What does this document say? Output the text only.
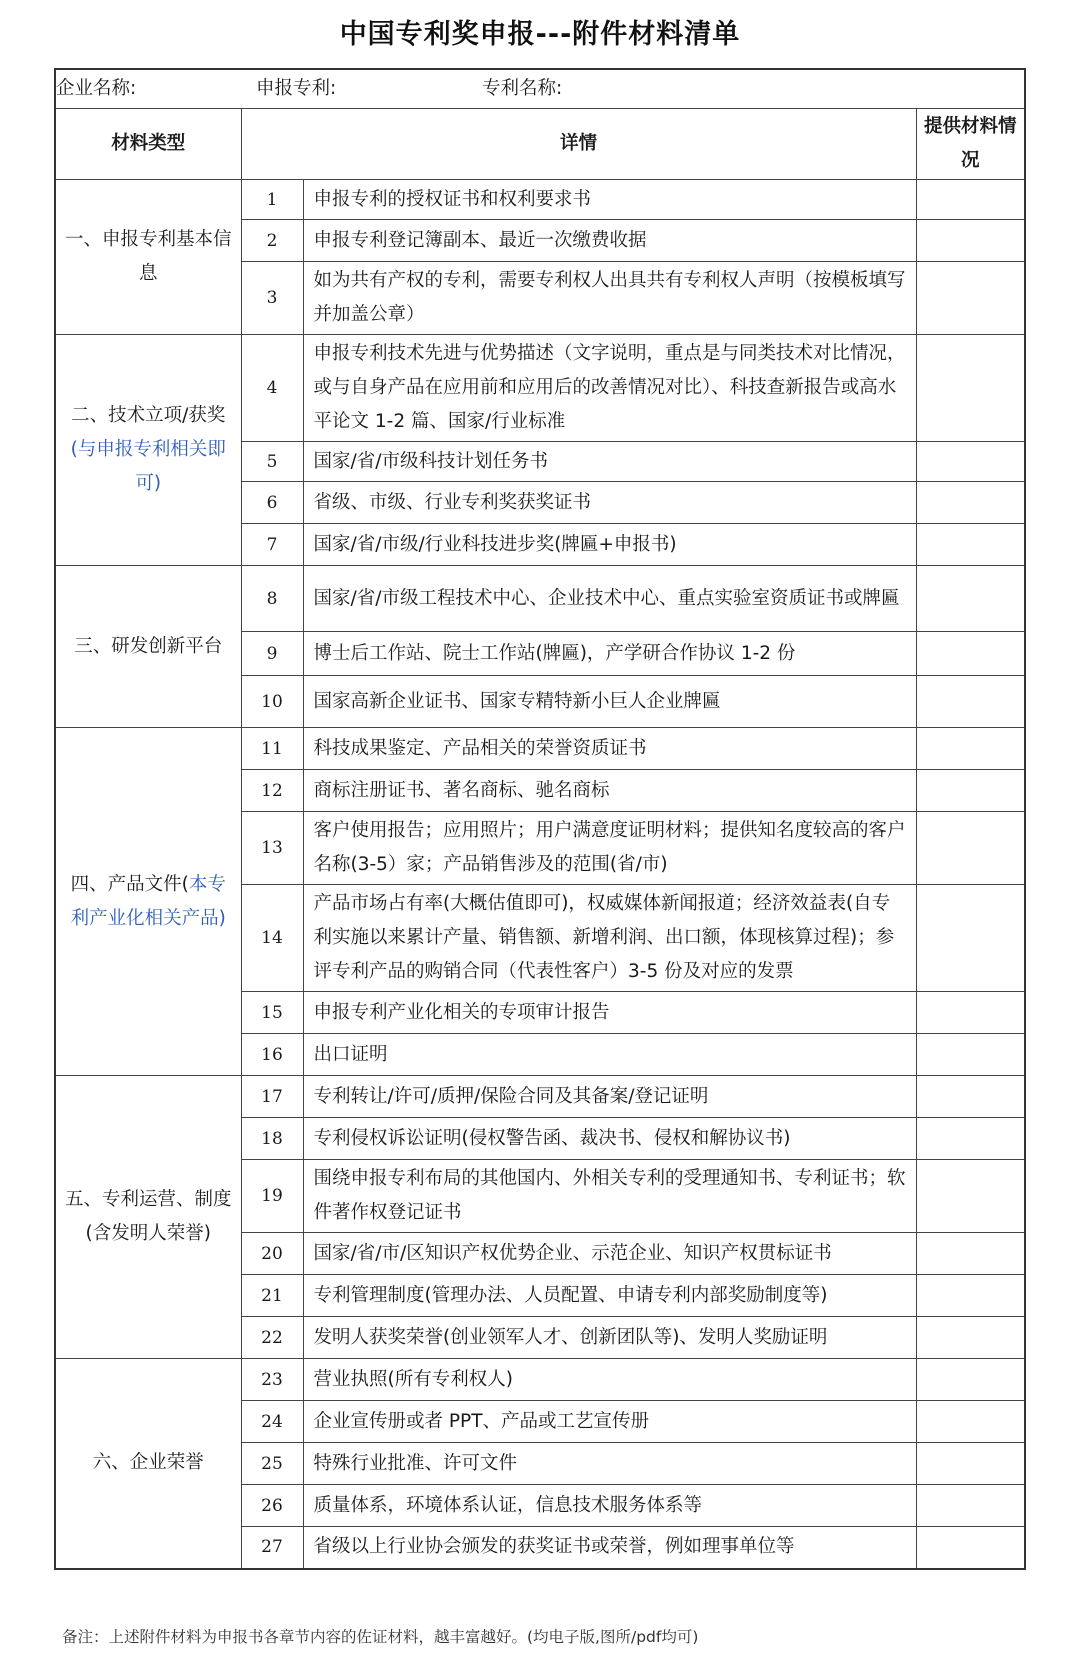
中国专利奖申报---附件材料清单
企业名称: 申报专利: 专利名称:			
材料类型	详情		提供材料情况
一、申报专利基本信息	1	申报专利的授权证书和权利要求书	
	2	申报专利登记簿副本、最近一次缴费收据	
	3	如为共有产权的专利，需要专利权人出具共有专利权人声明（按模板填写并加盖公章）	
二、技术立项/获奖(与申报专利相关即可)	4	申报专利技术先进与优势描述（文字说明，重点是与同类技术对比情况，或与自身产品在应用前和应用后的改善情况对比）、科技查新报告或高水平论文 1-2 篇、国家/行业标准	
	5	国家/省/市级科技计划任务书	
	6	省级、市级、行业专利奖获奖证书	
	7	国家/省/市级/行业科技进步奖(牌匾+申报书)	
三、研发创新平台	8	国家/省/市级工程技术中心、企业技术中心、重点实验室资质证书或牌匾	
	9	博士后工作站、院士工作站(牌匾)，产学研合作协议 1-2 份	
	10	国家高新企业证书、国家专精特新小巨人企业牌匾	
四、产品文件(本专利产业化相关产品)	11	科技成果鉴定、产品相关的荣誉资质证书	
	12	商标注册证书、著名商标、驰名商标	
	13	客户使用报告；应用照片；用户满意度证明材料；提供知名度较高的客户名称(3-5）家；产品销售涉及的范围(省/市)	
	14	产品市场占有率(大概估值即可)，权威媒体新闻报道；经济效益表(自专利实施以来累计产量、销售额、新增利润、出口额，体现核算过程)；参评专利产品的购销合同（代表性客户）3-5 份及对应的发票	
	15	申报专利产业化相关的专项审计报告	
	16	出口证明	
五、专利运营、制度(含发明人荣誉)	17	专利转让/许可/质押/保险合同及其备案/登记证明	
	18	专利侵权诉讼证明(侵权警告函、裁决书、侵权和解协议书)	
	19	围绕申报专利布局的其他国内、外相关专利的受理通知书、专利证书；软件著作权登记证书	
	20	国家/省/市/区知识产权优势企业、示范企业、知识产权贯标证书	
	21	专利管理制度(管理办法、人员配置、申请专利内部奖励制度等)	
	22	发明人获奖荣誉(创业领军人才、创新团队等)、发明人奖励证明	
六、企业荣誉	23	营业执照(所有专利权人)	
	24	企业宣传册或者 PPT、产品或工艺宣传册	
	25	特殊行业批准、许可文件	
	26	质量体系，环境体系认证，信息技术服务体系等	
	27	省级以上行业协会颁发的获奖证书或荣誉，例如理事单位等	
备注：上述附件材料为申报书各章节内容的佐证材料，越丰富越好。(均电子版,图所/pdf均可)
